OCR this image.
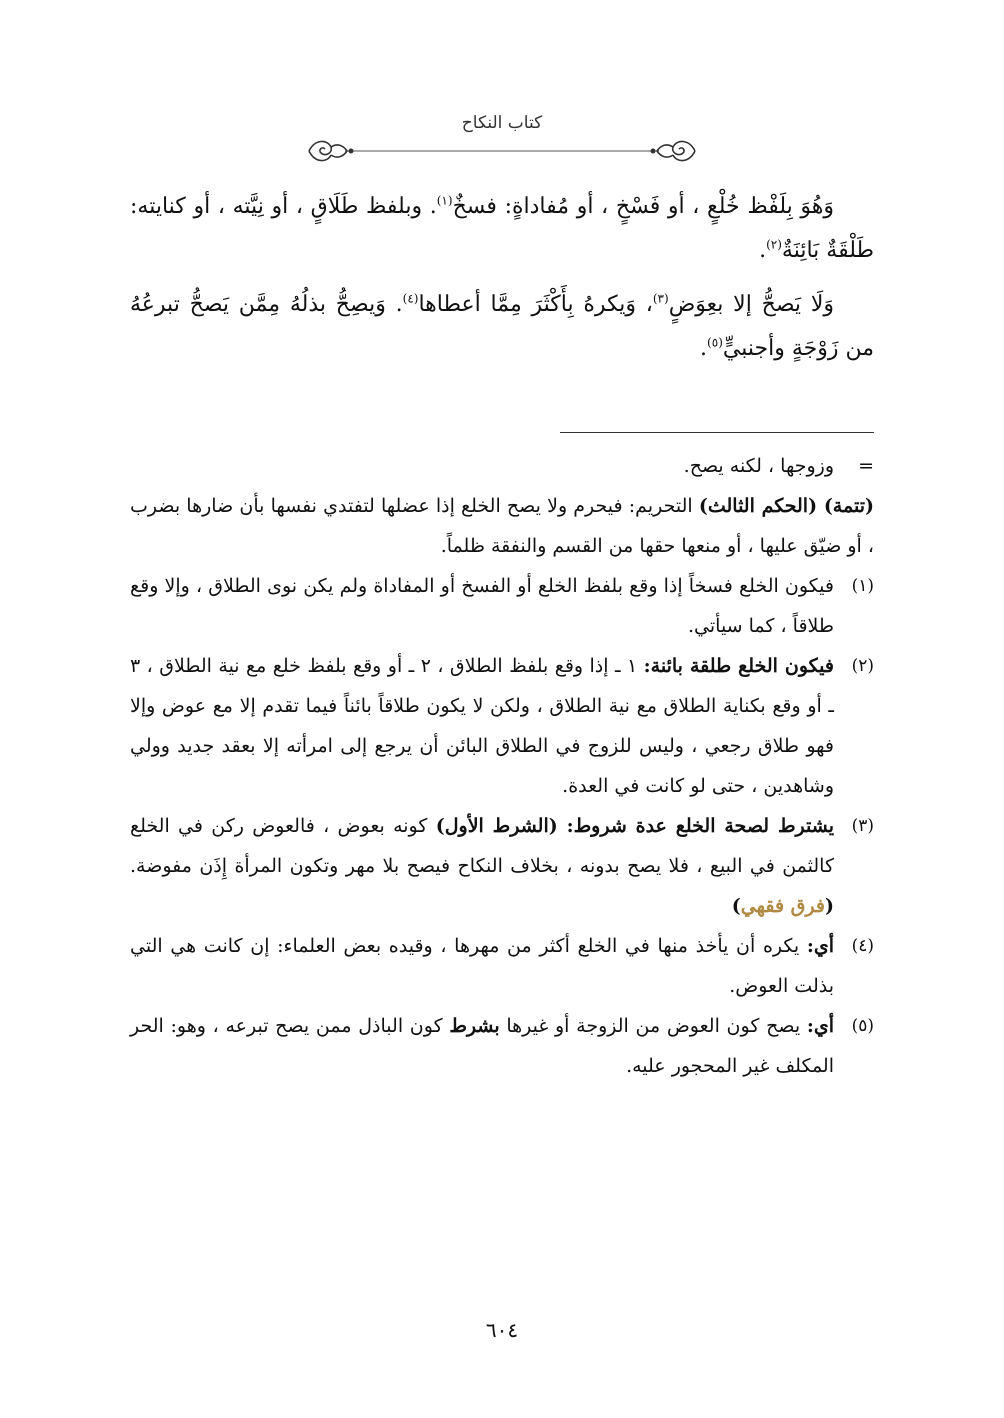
كتاب النكاح

وَهُوَ بِلَفْظ خُلْعٍ ، أو فَسْخٍ ، أو مُفاداةٍ: فسخٌ$^{(١)}$. وبلفظ طَلَاقٍ ، أو نِيَّته ، أو كنايته: طَلْقَةٌ بَائِنَةٌ$^{(٢)}$.

وَلَا يَصحُّ إلا بعِوَضٍ$^{(٣)}$، وَيكرهُ بِأَكْثَرَ مِمَّا أعطاها$^{(٤)}$. وَيصِحُّ بذلُهُ مِمَّن يَصحُّ تبرعُهُ من زَوْجَةٍ وأجنبيٍّ$^{(٥)}$.

=
وزوجها ، لكنه يصح.
(تتمة) (الحكم الثالث) التحريم: فيحرم ولا يصح الخلع إذا عضلها لتفتدي نفسها بأن ضارها بضرب ، أو ضيّق عليها ، أو منعها حقها من القسم والنفقة ظلماً.
(١)
فيكون الخلع فسخاً إذا وقع بلفظ الخلع أو الفسخ أو المفاداة ولم يكن نوى الطلاق ، وإلا وقع طلاقاً ، كما سيأتي.
(٢)
فيكون الخلع طلقة بائنة: ١ ـ إذا وقع بلفظ الطلاق ، ٢ ـ أو وقع بلفظ خلع مع نية الطلاق ، ٣ ـ أو وقع بكناية الطلاق مع نية الطلاق ، ولكن لا يكون طلاقاً بائناً فيما تقدم إلا مع عوض وإلا فهو طلاق رجعي ، وليس للزوج في الطلاق البائن أن يرجع إلى امرأته إلا بعقد جديد وولي وشاهدين ، حتى لو كانت في العدة.
(٣)
يشترط لصحة الخلع عدة شروط: (الشرط الأول) كونه بعوض ، فالعوض ركن في الخلع كالثمن في البيع ، فلا يصح بدونه ، بخلاف النكاح فيصح بلا مهر وتكون المرأة إِذَن مفوضة. (فرق فقهي)
(٤)
أي: يكره أن يأخذ منها في الخلع أكثر من مهرها ، وقيده بعض العلماء: إن كانت هي التي بذلت العوض.
(٥)
أي: يصح كون العوض من الزوجة أو غيرها بشرط كون الباذل ممن يصح تبرعه ، وهو: الحر المكلف غير المحجور عليه.
٦٠٤
